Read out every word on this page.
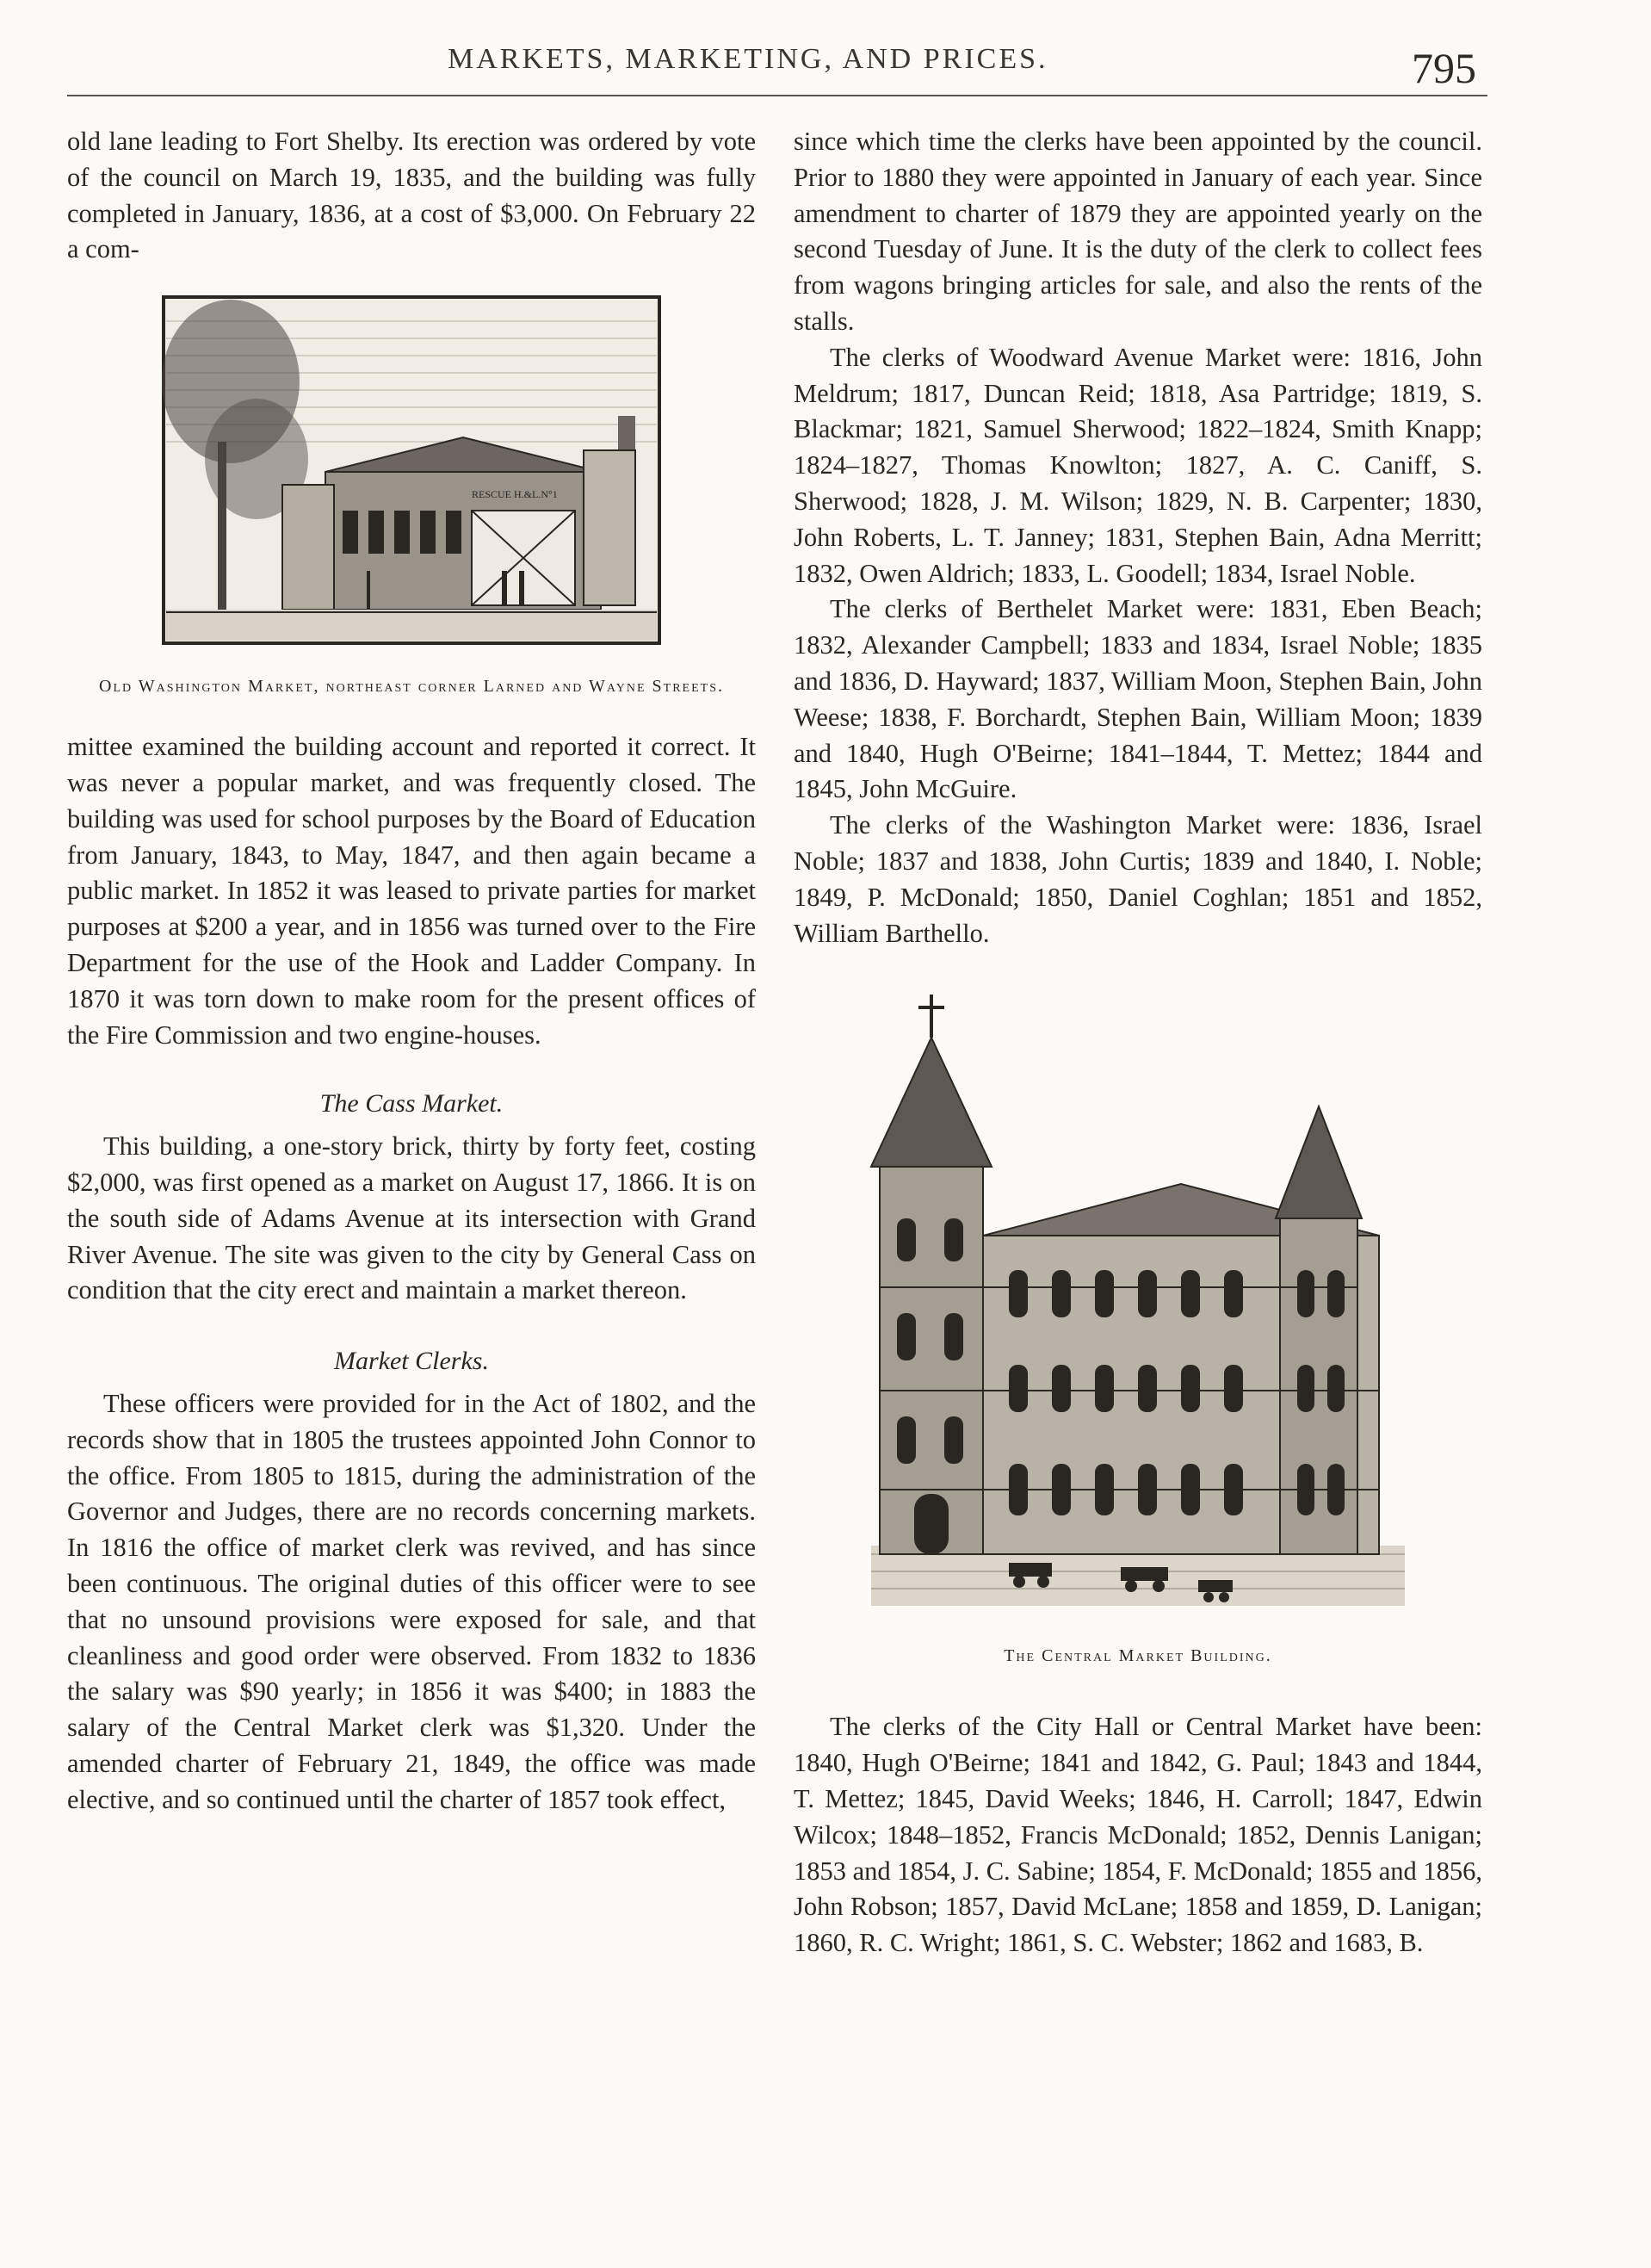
MARKETS, MARKETING, AND PRICES.	795

old lane leading to Fort Shelby. Its erection was ordered by vote of the council on March 19, 1835, and the building was fully completed in January, 1836, at a cost of $3,000. On February 22 a com-

RESCUE H.&L.N°1

Old Washington Market, northeast corner Larned and Wayne Streets.

mittee examined the building account and reported it correct. It was never a popular market, and was frequently closed. The building was used for school purposes by the Board of Education from January, 1843, to May, 1847, and then again became a public market. In 1852 it was leased to private parties for market purposes at $200 a year, and in 1856 was turned over to the Fire Department for the use of the Hook and Ladder Company. In 1870 it was torn down to make room for the present offices of the Fire Commission and two engine-houses.

The Cass Market.

This building, a one-story brick, thirty by forty feet, costing $2,000, was first opened as a market on August 17, 1866. It is on the south side of Adams Avenue at its intersection with Grand River Avenue. The site was given to the city by General Cass on condition that the city erect and maintain a market thereon.

Market Clerks.

These officers were provided for in the Act of 1802, and the records show that in 1805 the trustees appointed John Connor to the office. From 1805 to 1815, during the administration of the Governor and Judges, there are no records concerning markets. In 1816 the office of market clerk was revived, and has since been continuous. The original duties of this officer were to see that no unsound provisions were exposed for sale, and that cleanliness and good order were observed. From 1832 to 1836 the salary was $90 yearly; in 1856 it was $400; in 1883 the salary of the Central Market clerk was $1,320. Under the amended charter of February 21, 1849, the office was made elective, and so continued until the charter of 1857 took effect,

since which time the clerks have been appointed by the council. Prior to 1880 they were appointed in January of each year. Since amendment to charter of 1879 they are appointed yearly on the second Tuesday of June. It is the duty of the clerk to collect fees from wagons bringing articles for sale, and also the rents of the stalls.

The clerks of Woodward Avenue Market were: 1816, John Meldrum; 1817, Duncan Reid; 1818, Asa Partridge; 1819, S. Blackmar; 1821, Samuel Sherwood; 1822–1824, Smith Knapp; 1824–1827, Thomas Knowlton; 1827, A. C. Caniff, S. Sherwood; 1828, J. M. Wilson; 1829, N. B. Carpenter; 1830, John Roberts, L. T. Janney; 1831, Stephen Bain, Adna Merritt; 1832, Owen Aldrich; 1833, L. Goodell; 1834, Israel Noble.

The clerks of Berthelet Market were: 1831, Eben Beach; 1832, Alexander Campbell; 1833 and 1834, Israel Noble; 1835 and 1836, D. Hayward; 1837, William Moon, Stephen Bain, John Weese; 1838, F. Borchardt, Stephen Bain, William Moon; 1839 and 1840, Hugh O'Beirne; 1841–1844, T. Mettez; 1844 and 1845, John McGuire.

The clerks of the Washington Market were: 1836, Israel Noble; 1837 and 1838, John Curtis; 1839 and 1840, I. Noble; 1849, P. McDonald; 1850, Daniel Coghlan; 1851 and 1852, William Barthello.

The Central Market Building.

The clerks of the City Hall or Central Market have been: 1840, Hugh O'Beirne; 1841 and 1842, G. Paul; 1843 and 1844, T. Mettez; 1845, David Weeks; 1846, H. Carroll; 1847, Edwin Wilcox; 1848–1852, Francis McDonald; 1852, Dennis Lanigan; 1853 and 1854, J. C. Sabine; 1854, F. McDonald; 1855 and 1856, John Robson; 1857, David McLane; 1858 and 1859, D. Lanigan; 1860, R. C. Wright; 1861, S. C. Webster; 1862 and 1683, B.
